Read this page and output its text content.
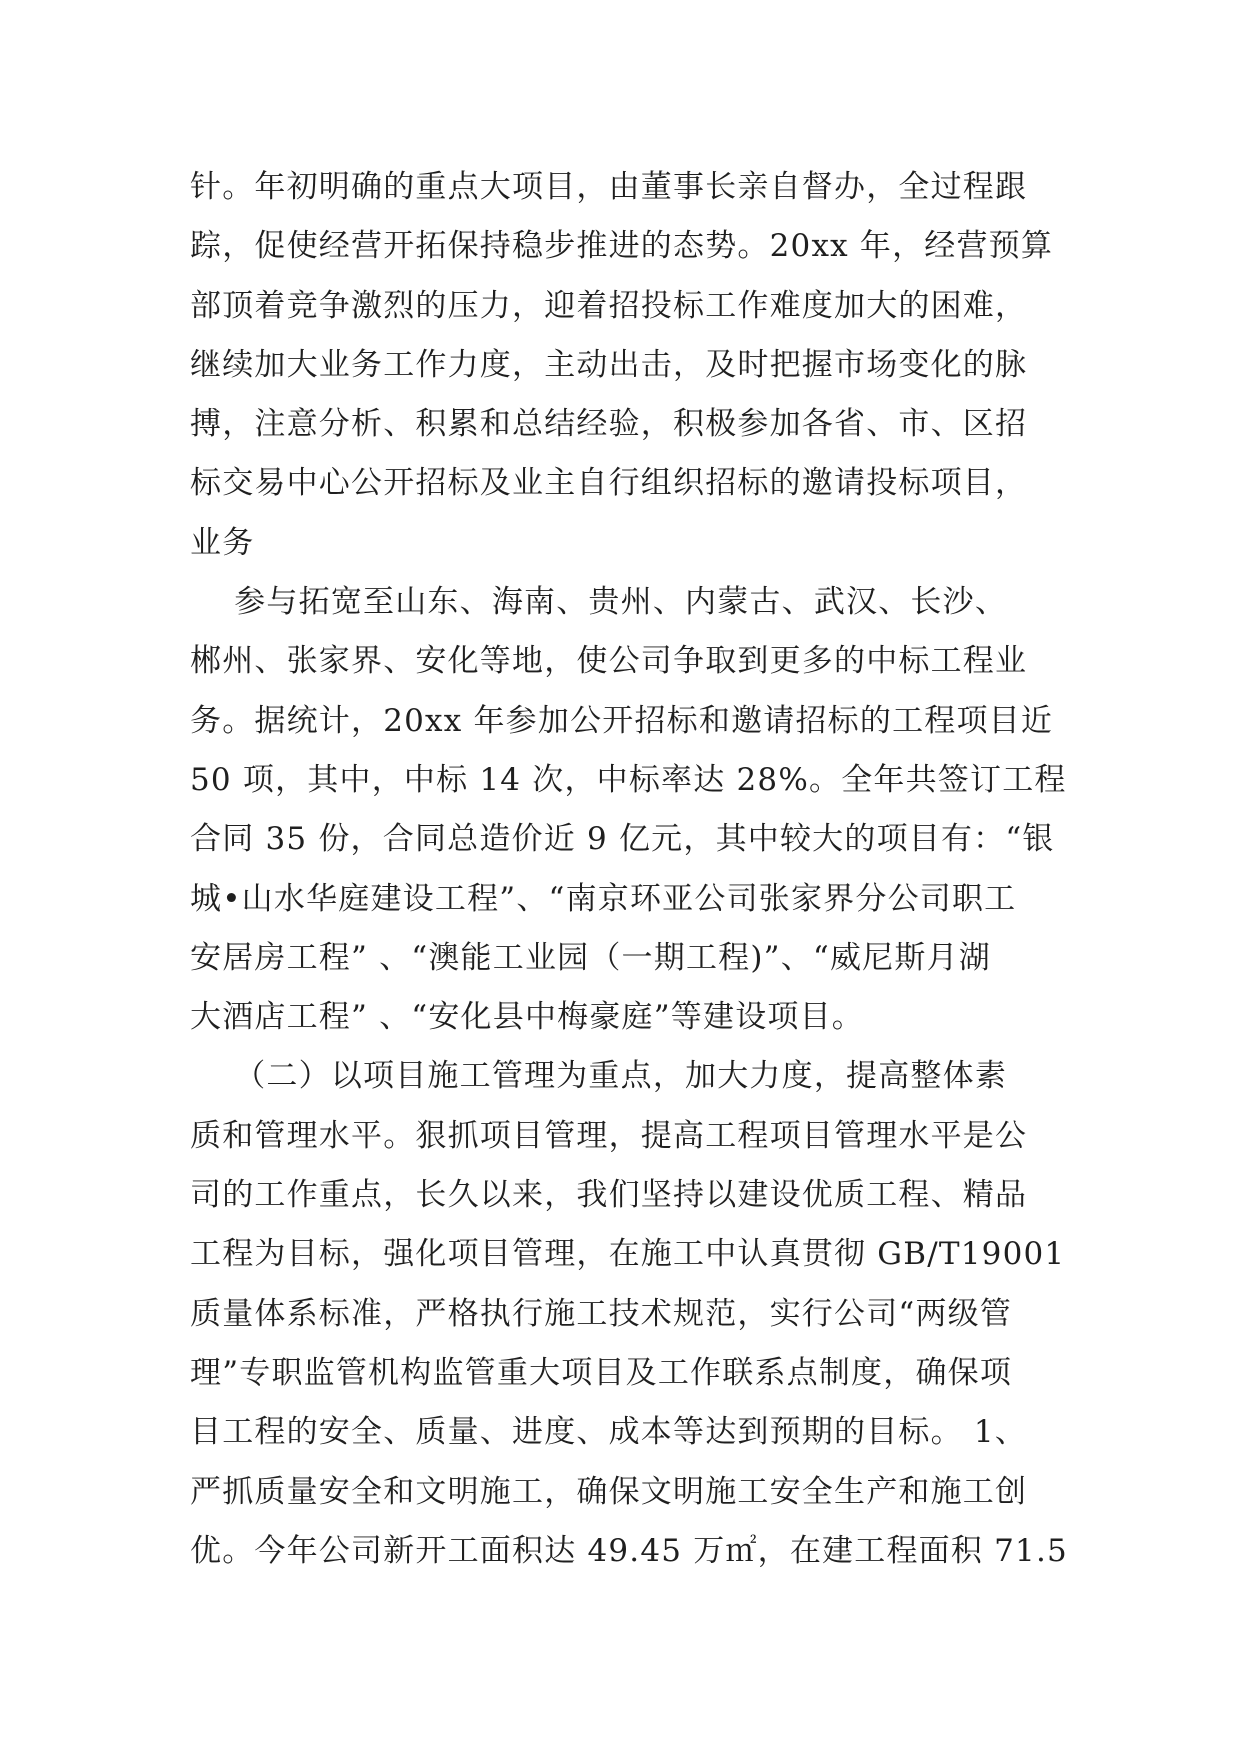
针。年初明确的重点大项目，由董事长亲自督办，全过程跟
踪，促使经营开拓保持稳步推进的态势。20xx 年，经营预算
部顶着竞争激烈的压力，迎着招投标工作难度加大的困难，
继续加大业务工作力度，主动出击，及时把握市场变化的脉
搏，注意分析、积累和总结经验，积极参加各省、市、区招
标交易中心公开招标及业主自行组织招标的邀请投标项目，
业务
参与拓宽至山东、海南、贵州、内蒙古、武汉、长沙、
郴州、张家界、安化等地，使公司争取到更多的中标工程业
务。据统计，20xx 年参加公开招标和邀请招标的工程项目近
50 项，其中，中标 14 次，中标率达 28%。全年共签订工程
合同 35 份，合同总造价近 9 亿元，其中较大的项目有：“银
城•山水华庭建设工程”、“南京环亚公司张家界分公司职工
安居房工程” 、“澳能工业园（一期工程)”、“威尼斯月湖
大酒店工程” 、“安化县中梅豪庭”等建设项目。
（二）以项目施工管理为重点，加大力度，提高整体素
质和管理水平。狠抓项目管理，提高工程项目管理水平是公
司的工作重点，长久以来，我们坚持以建设优质工程、精品
工程为目标，强化项目管理，在施工中认真贯彻 GB/T19001
质量体系标准，严格执行施工技术规范，实行公司“两级管
理”专职监管机构监管重大项目及工作联系点制度，确保项
目工程的安全、质量、进度、成本等达到预期的目标。 1、
严抓质量安全和文明施工，确保文明施工安全生产和施工创
优。今年公司新开工面积达 49.45 万㎡，在建工程面积 71.5
